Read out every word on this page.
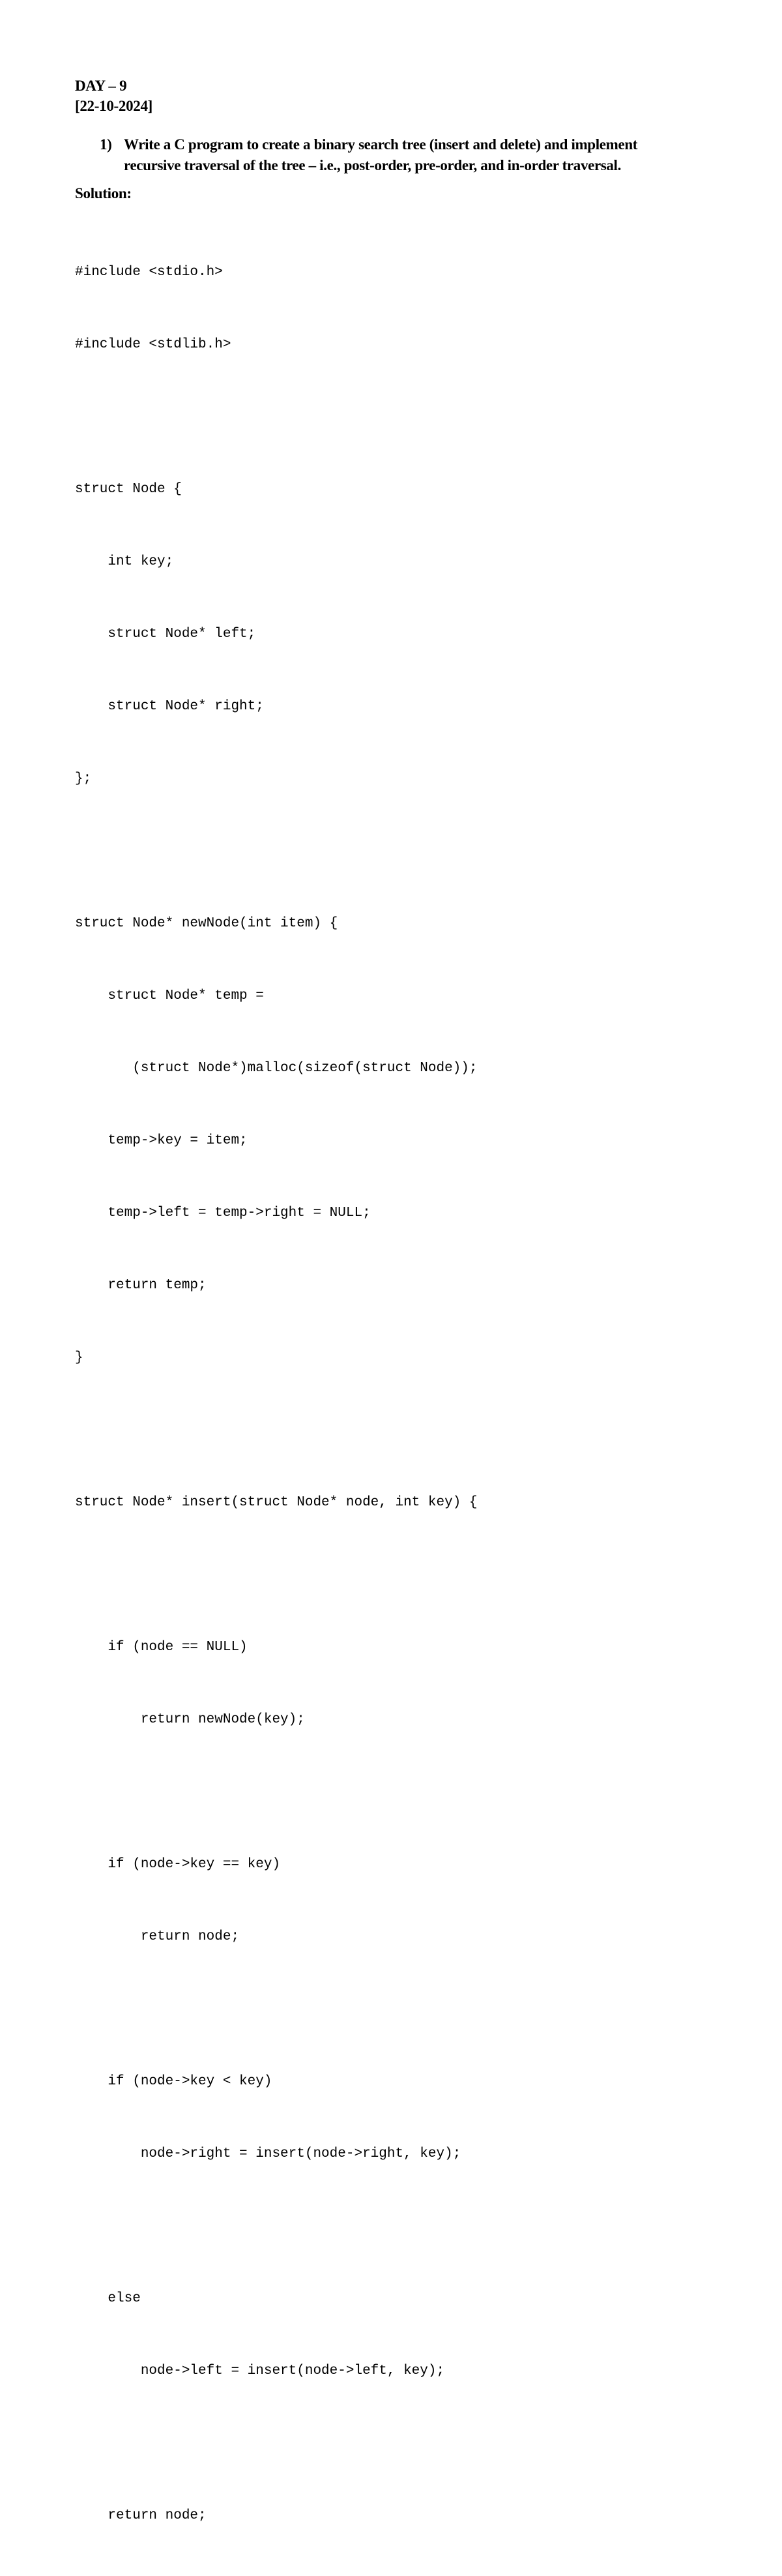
DAY – 9
[22-10-2024]
1) Write a C program to create a binary search tree (insert and delete) and implement
recursive traversal of the tree – i.e., post-order, pre-order, and in-order traversal.
Solution:

#include <stdio.h>

#include <stdlib.h>

struct Node {

int key;

struct Node* left;

struct Node* right;

};

struct Node* newNode(int item) {

struct Node* temp =

(struct Node*)malloc(sizeof(struct Node));

temp->key = item;

temp->left = temp->right = NULL;

return temp;

}

struct Node* insert(struct Node* node, int key) {

if (node == NULL)

return newNode(key);

if (node->key == key)

return node;

if (node->key < key)

node->right = insert(node->right, key);

else

node->left = insert(node->left, key);

return node;
